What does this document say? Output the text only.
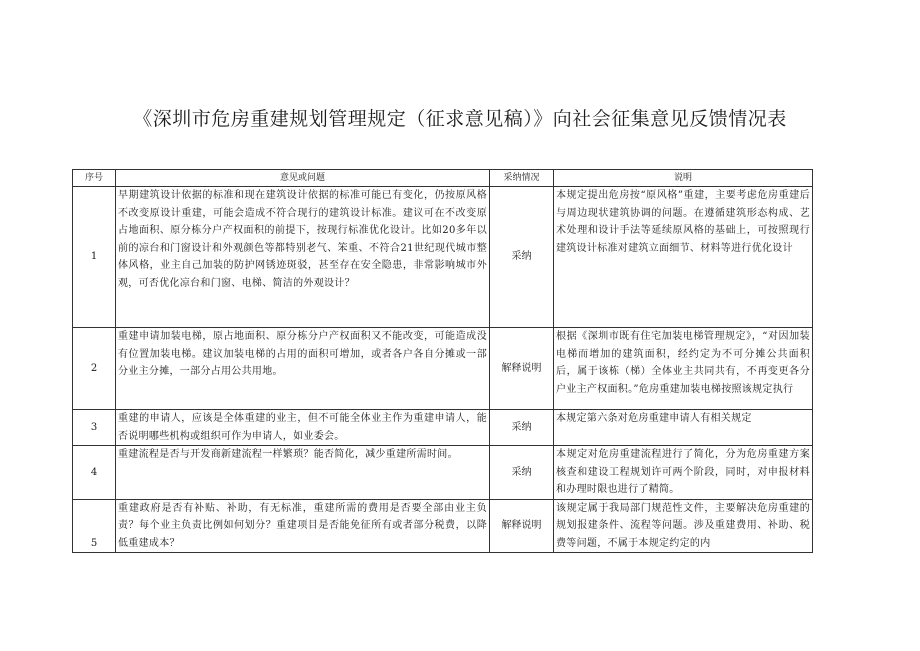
《深圳市危房重建规划管理规定（征求意见稿）》向社会征集意见反馈情况表
序号	意见或问题	采纳情况	说明
1	早期建筑设计依据的标准和现在建筑设计依据的标准可能已有变化，仍按原风格不改变原设计重建，可能会造成不符合现行的建筑设计标准。建议可在不改变原占地面积、原分栋分户产权面积的前提下，按现行标准优化设计。比如20多年以前的凉台和门窗设计和外观颜色等都特别老气、笨重、不符合21世纪现代城市整体风格，业主自己加装的防护网锈迹斑驳，甚至存在安全隐患，非常影响城市外观，可否优化凉台和门窗、电梯、简洁的外观设计？	采纳	本规定提出危房按“原风格”重建，主要考虑危房重建后与周边现状建筑协调的问题。在遵循建筑形态构成、艺术处理和设计手法等延续原风格的基础上，可按照现行建筑设计标准对建筑立面细节、材料等进行优化设计
2	重建申请加装电梯，原占地面积、原分栋分户产权面积又不能改变，可能造成没有位置加装电梯。建议加装电梯的占用的面积可增加，或者各户各自分摊或一部分业主分摊，一部分占用公共用地。	解释说明	根据《深圳市既有住宅加装电梯管理规定》，“对因加装电梯而增加的建筑面积，经约定为不可分摊公共面积后，属于该栋（梯）全体业主共同共有，不再变更各分户业主产权面积。”危房重建加装电梯按照该规定执行
3	重建的申请人，应该是全体重建的业主，但不可能全体业主作为重建申请人，能否说明哪些机构或组织可作为申请人，如业委会。	采纳	本规定第六条对危房重建申请人有相关规定
4	重建流程是否与开发商新建流程一样繁琐？能否简化，减少重建所需时间。	采纳	本规定对危房重建流程进行了简化，分为危房重建方案核查和建设工程规划许可两个阶段，同时，对申报材料和办理时限也进行了精简。
5	重建政府是否有补贴、补助，有无标准，重建所需的费用是否要全部由业主负责？每个业主负责比例如何划分？重建项目是否能免征所有或者部分税费，以降低重建成本？	解释说明	该规定属于我局部门规范性文件，主要解决危房重建的规划报建条件、流程等问题。涉及重建费用、补助、税费等问题，不属于本规定约定的内
